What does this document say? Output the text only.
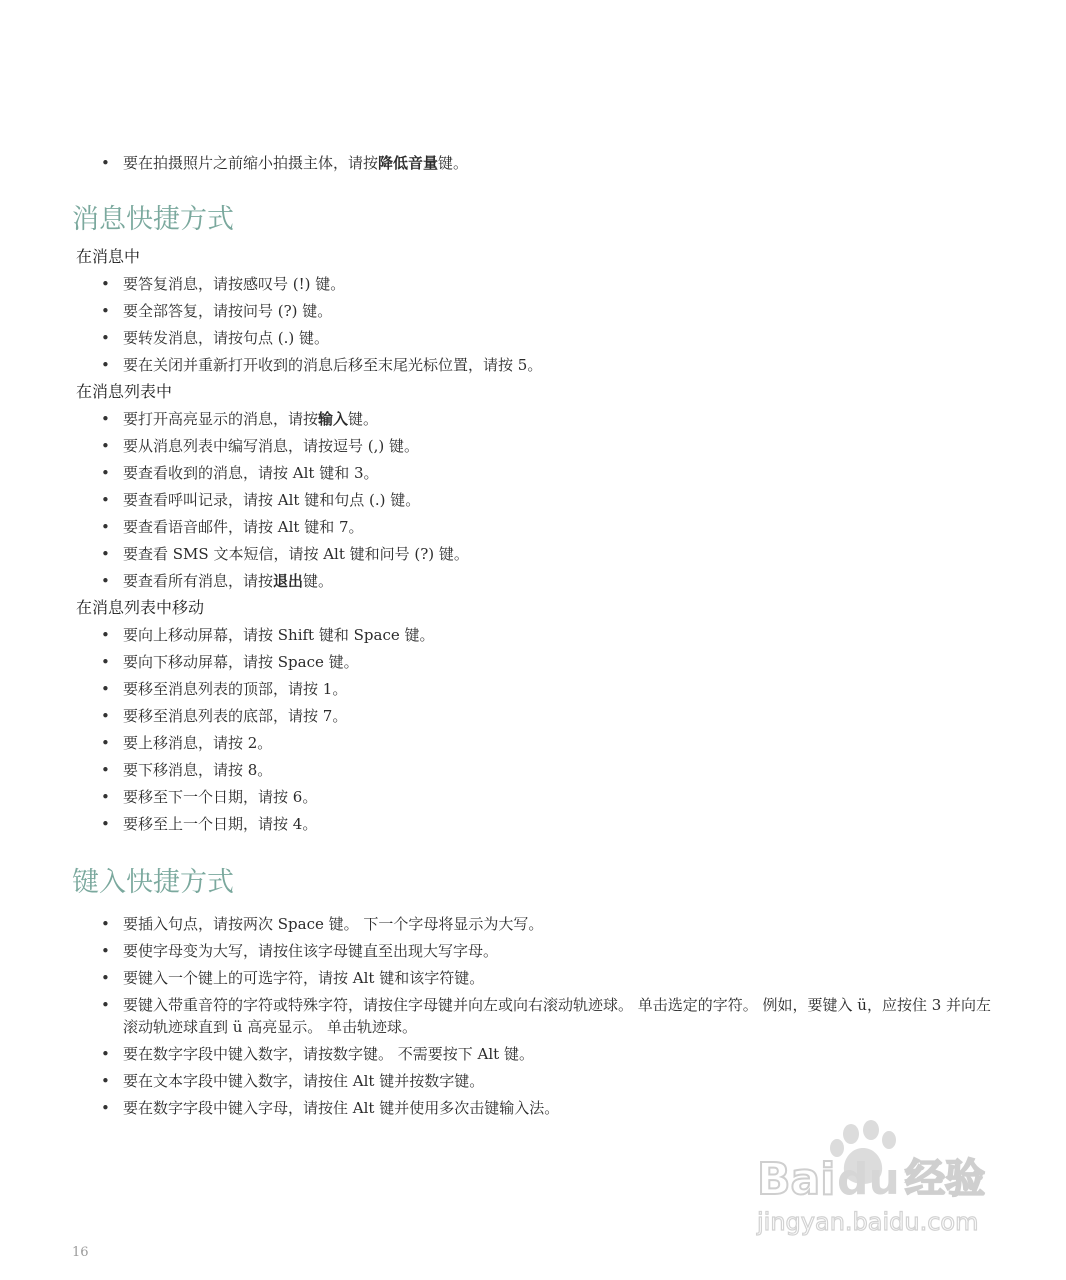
• 要在拍摄照片之前缩小拍摄主体，请按降低音量键。
消息快捷方式
在消息中
• 要答复消息，请按感叹号 (!) 键。
• 要全部答复，请按问号 (?) 键。
• 要转发消息，请按句点 (.) 键。
• 要在关闭并重新打开收到的消息后移至末尾光标位置，请按 5。
在消息列表中
• 要打开高亮显示的消息，请按输入键。
• 要从消息列表中编写消息，请按逗号 (,) 键。
• 要查看收到的消息，请按 Alt 键和 3。
• 要查看呼叫记录，请按 Alt 键和句点 (.) 键。
• 要查看语音邮件，请按 Alt 键和 7。
• 要查看 SMS 文本短信，请按 Alt 键和问号 (?) 键。
• 要查看所有消息，请按退出键。
在消息列表中移动
• 要向上移动屏幕，请按 Shift 键和 Space 键。
• 要向下移动屏幕，请按 Space 键。
• 要移至消息列表的顶部，请按 1。
• 要移至消息列表的底部，请按 7。
• 要上移消息，请按 2。
• 要下移消息，请按 8。
• 要移至下一个日期，请按 6。
• 要移至上一个日期，请按 4。
键入快捷方式
• 要插入句点，请按两次 Space 键。 下一个字母将显示为大写。
• 要使字母变为大写，请按住该字母键直至出现大写字母。
• 要键入一个键上的可选字符，请按 Alt 键和该字符键。
• 要键入带重音符的字符或特殊字符，请按住字母键并向左或向右滚动轨迹球。 单击选定的字符。 例如，要键入 ü，应按住 3 并向左滚动轨迹球直到 ü 高亮显示。 单击轨迹球。
• 要在数字字段中键入数字，请按数字键。 不需要按下 Alt 键。
• 要在文本字段中键入数字，请按住 Alt 键并按数字键。
• 要在数字字段中键入字母，请按住 Alt 键并使用多次击键输入法。
Bai du 经验
jingyan.baidu.com
16
